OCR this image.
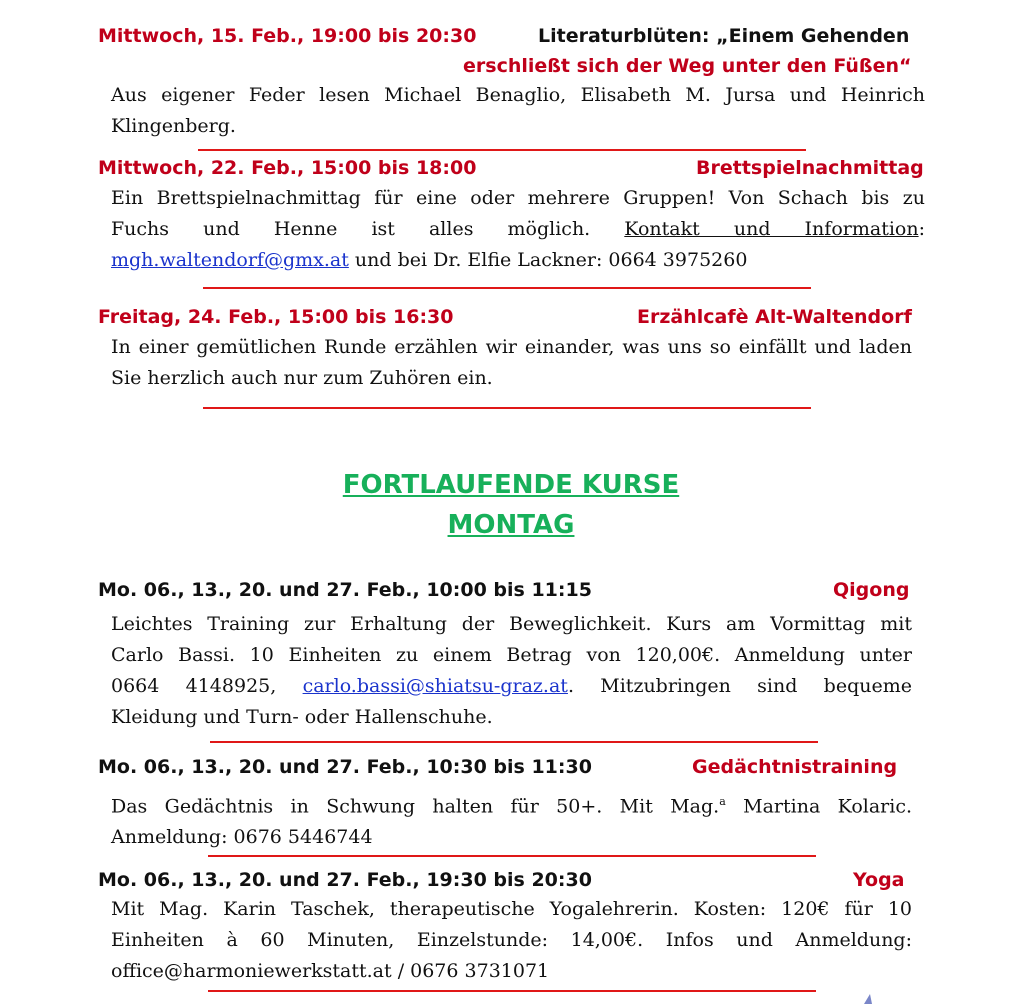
Mittwoch, 15. Feb., 19:00 bis 20:30	Literaturblüten: „Einem Gehenden
erschließt sich der Weg unter den Füßen“
Aus eigener Feder lesen Michael Benaglio, Elisabeth M. Jursa und Heinrich Klingenberg.
Mittwoch, 22. Feb., 15:00 bis 18:00	Brettspielnachmittag
Ein Brettspielnachmittag für eine oder mehrere Gruppen! Von Schach bis zu
Fuchs und Henne ist alles möglich. Kontakt und Information:
mgh.waltendorf@gmx.at und bei Dr. Elfie Lackner: 0664 3975260
Freitag, 24. Feb., 15:00 bis 16:30	Erzählcafè Alt-Waltendorf
In einer gemütlichen Runde erzählen wir einander, was uns so einfällt und laden Sie herzlich auch nur zum Zuhören ein.
FORTLAUFENDE KURSE
MONTAG
Mo. 06., 13., 20. und 27. Feb., 10:00 bis 11:15	Qigong
Leichtes Training zur Erhaltung der Beweglichkeit. Kurs am Vormittag mit
Carlo Bassi. 10 Einheiten zu einem Betrag von 120,00€. Anmeldung unter
0664 4148925, carlo.bassi@shiatsu-graz.at. Mitzubringen sind bequeme
Kleidung und Turn- oder Hallenschuhe.
Mo. 06., 13., 20. und 27. Feb., 10:30 bis 11:30	Gedächtnistraining
Das Gedächtnis in Schwung halten für 50+. Mit Mag.$^a$ Martina Kolaric.
Anmeldung: 0676 5446744
Mo. 06., 13., 20. und 27. Feb., 19:30 bis 20:30	Yoga
Mit Mag. Karin Taschek, therapeutische Yogalehrerin. Kosten: 120€ für 10
Einheiten à 60 Minuten, Einzelstunde: 14,00€. Infos und Anmeldung:
office@harmoniewerkstatt.at / 0676 3731071
